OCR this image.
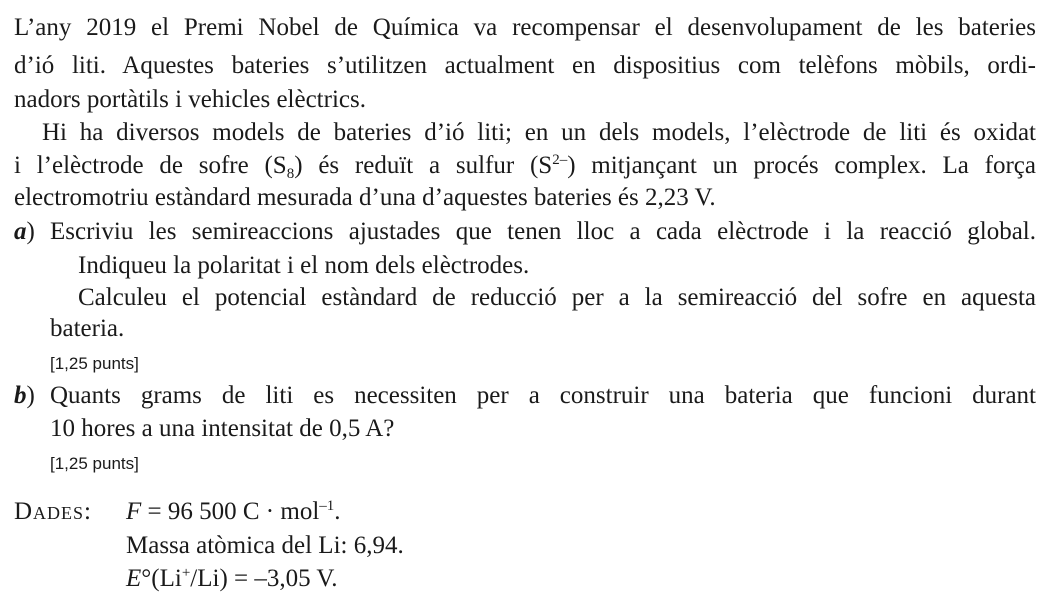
L’any 2019 el Premi Nobel de Química va recompensar el desenvolupament de les bateries
d’ió liti. Aquestes bateries s’utilitzen actualment en dispositius com telèfons mòbils, ordi-
nadors portàtils i vehicles elèctrics.
Hi ha diversos models de bateries d’ió liti; en un dels models, l’elèctrode de liti és oxidat
i l’elèctrode de sofre $(S_8)$ és reduït a sulfur $(S^{2-})$ mitjançant un procés complex. La força
electromotriu estàndard mesurada d’una d’aquestes bateries és 2,23 V.
a) Escriviu les semireaccions ajustades que tenen lloc a cada elèctrode i la reacció global.
Indiqueu la polaritat i el nom dels elèctrodes.
Calculeu el potencial estàndard de reducció per a la semireacció del sofre en aquesta
bateria.
[1,25 punts]
b) Quants grams de liti es necessiten per a construir una bateria que funcioni durant
10 hores a una intensitat de 0,5 A?
[1,25 punts]
Dades: F = 96 500 C · mol$^{-1}$.
Massa atòmica del Li: 6,94.
E°(Li+/Li) = –3,05 V.
